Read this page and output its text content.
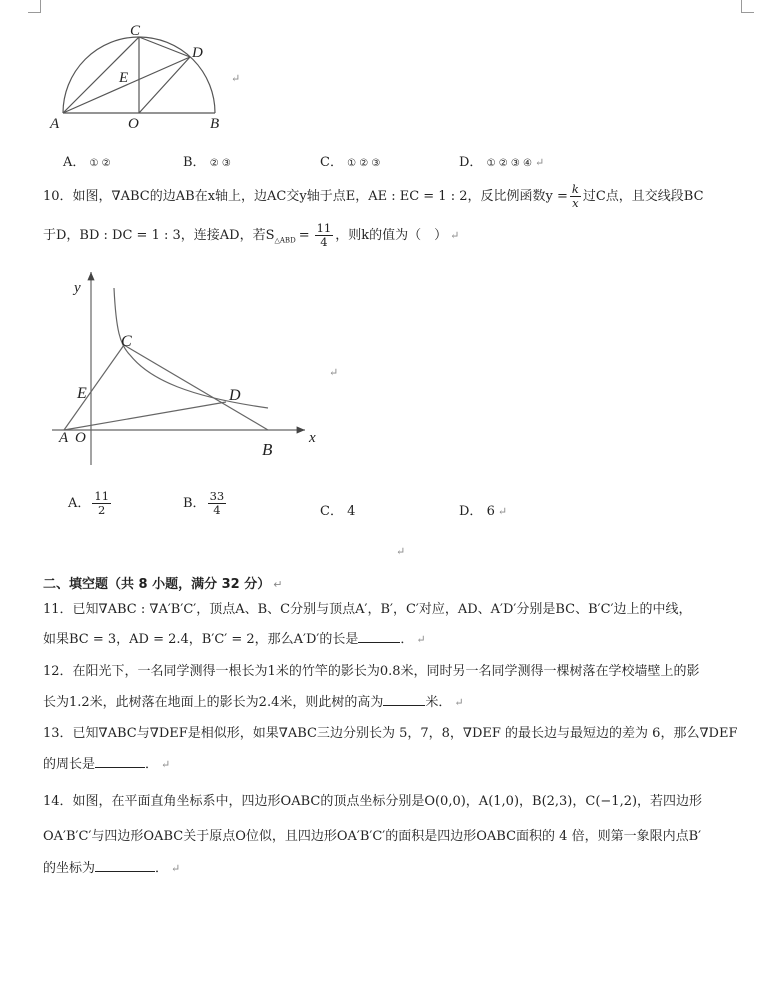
C
D
E
A	O	B
↵
A． ① ②	B． ② ③	C． ① ② ③	D． ① ② ③ ④ ↵
10．如图，∇ABC的边AB在x轴上，边AC交y轴于点E，AE : EC = 1 : 2，反比例函数$y = \frac{k}{x}$ 过C点，且交线段BC
于D，BD : DC = 1 : 3，连接AD，若$S_{\triangle ABD} = \frac{11}{4}$ ，则k的值为（　） ↵
y
x
C
E	D
A O
B
↵
A． $\frac{11}{2}$	B． $\frac{33}{4}$	C． 4	D． 6 ↵
↵
二、填空题（共 8 小题，满分 32 分） ↵
11．已知∇ABC : ∇A′B′C′，顶点A、B、C分别与顶点A′，B′，C′对应，AD、A′D′分别是BC、B′C′边上的中线，
如果BC = 3，AD = 2.4，B′C′ = 2，那么A′D′的长是	． ↵
12．在阳光下，一名同学测得一根长为1米的竹竿的影长为0.8米，同时另一名同学测得一棵树落在学校墙壁上的影
长为1.2米，此树落在地面上的影长为2.4米，则此树的高为	米． ↵
13．已知∇ABC与∇DEF是相似形，如果∇ABC三边分别长为 5，7，8，∇DEF 的最长边与最短边的差为 6，那么∇DEF
的周长是	． ↵
14．如图，在平面直角坐标系中，四边形OABC的顶点坐标分别是O(0,0)，A(1,0)，B(2,3)，C(−1,2)，若四边形
OA′B′C′与四边形OABC关于原点O位似，且四边形OA′B′C′的面积是四边形OABC面积的 4 倍，则第一象限内点B′
的坐标为	． ↵
